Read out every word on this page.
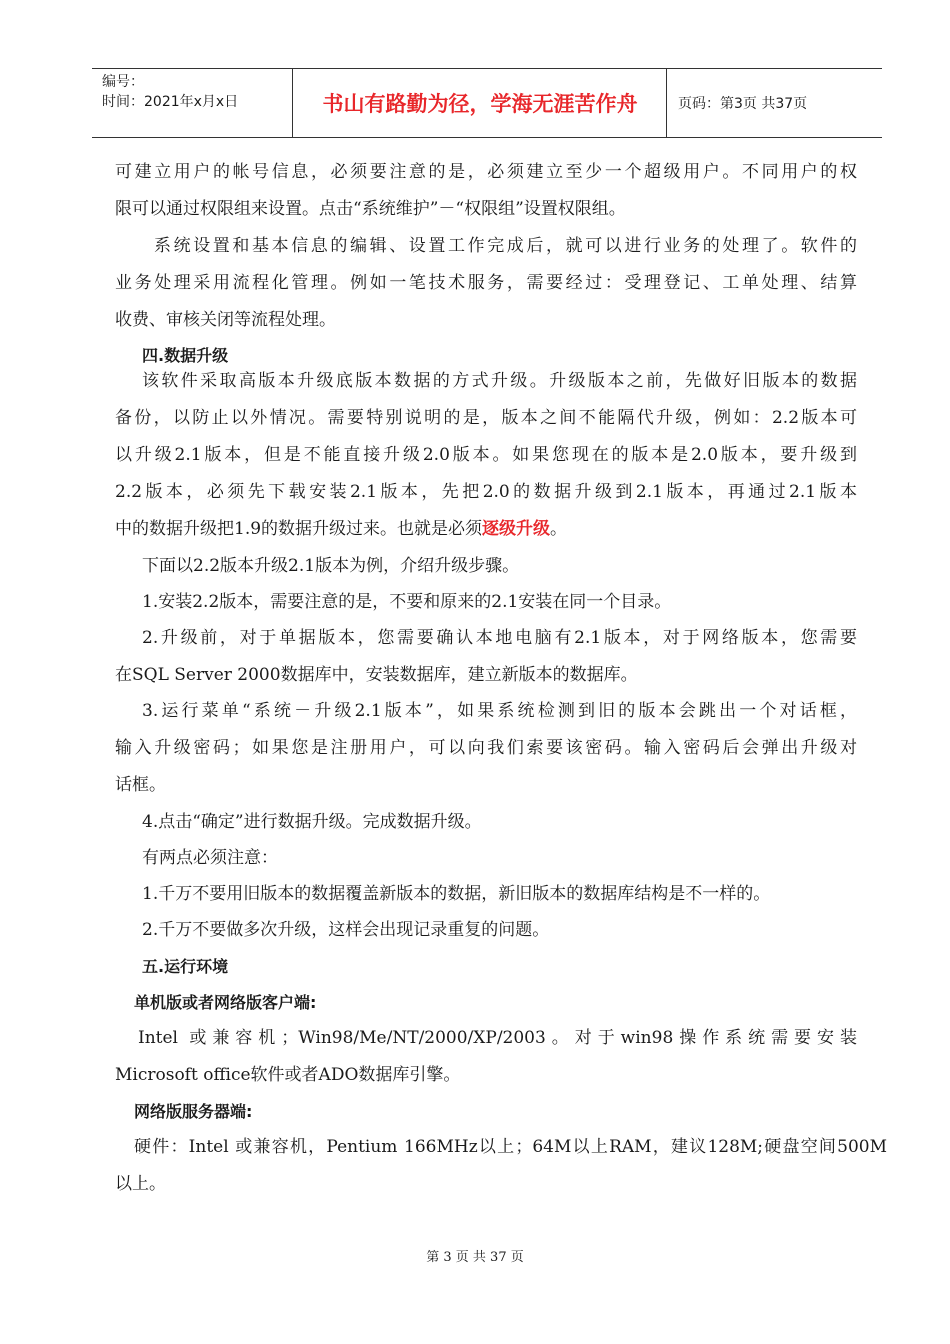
编号：
时间：2021年x月x日	书山有路勤为径，学海无涯苦作舟	页码：第3页 共37页
可建立用户的帐号信息，必须要注意的是，必须建立至少一个超级用户。不同用户的权
限可以通过权限组来设置。点击“系统维护”－“权限组”设置权限组。
系统设置和基本信息的编辑、设置工作完成后，就可以进行业务的处理了。软件的
业务处理采用流程化管理。例如一笔技术服务，需要经过：受理登记、工单处理、结算
收费、审核关闭等流程处理。
四.数据升级
该软件采取高版本升级底版本数据的方式升级。升级版本之前，先做好旧版本的数据
备份，以防止以外情况。需要特别说明的是，版本之间不能隔代升级，例如：2.2版本可
以升级2.1版本，但是不能直接升级2.0版本。如果您现在的版本是2.0版本，要升级到
2.2版本，必须先下载安装2.1版本，先把2.0的数据升级到2.1版本，再通过2.1版本
中的数据升级把1.9的数据升级过来。也就是必须逐级升级。
下面以2.2版本升级2.1版本为例，介绍升级步骤。
1.安装2.2版本，需要注意的是，不要和原来的2.1安装在同一个目录。
2.升级前，对于单据版本，您需要确认本地电脑有2.1版本，对于网络版本，您需要
在SQL Server 2000数据库中，安装数据库，建立新版本的数据库。
3.运行菜单“系统－升级2.1版本”，如果系统检测到旧的版本会跳出一个对话框，
输入升级密码；如果您是注册用户，可以向我们索要该密码。输入密码后会弹出升级对
话框。
4.点击“确定”进行数据升级。完成数据升级。
有两点必须注意：
1.千万不要用旧版本的数据覆盖新版本的数据，新旧版本的数据库结构是不一样的。
2.千万不要做多次升级，这样会出现记录重复的问题。
五.运行环境
单机版或者网络版客户端:
Intel 或兼容机；Win98/Me/NT/2000/XP/2003。对于win98操作系统需要安装
Microsoft office软件或者ADO数据库引擎。
网络版服务器端:
硬件：Intel 或兼容机，Pentium 166MHz以上；64M以上RAM，建议128M;硬盘空间500M
以上。
第 3 页 共 37 页
